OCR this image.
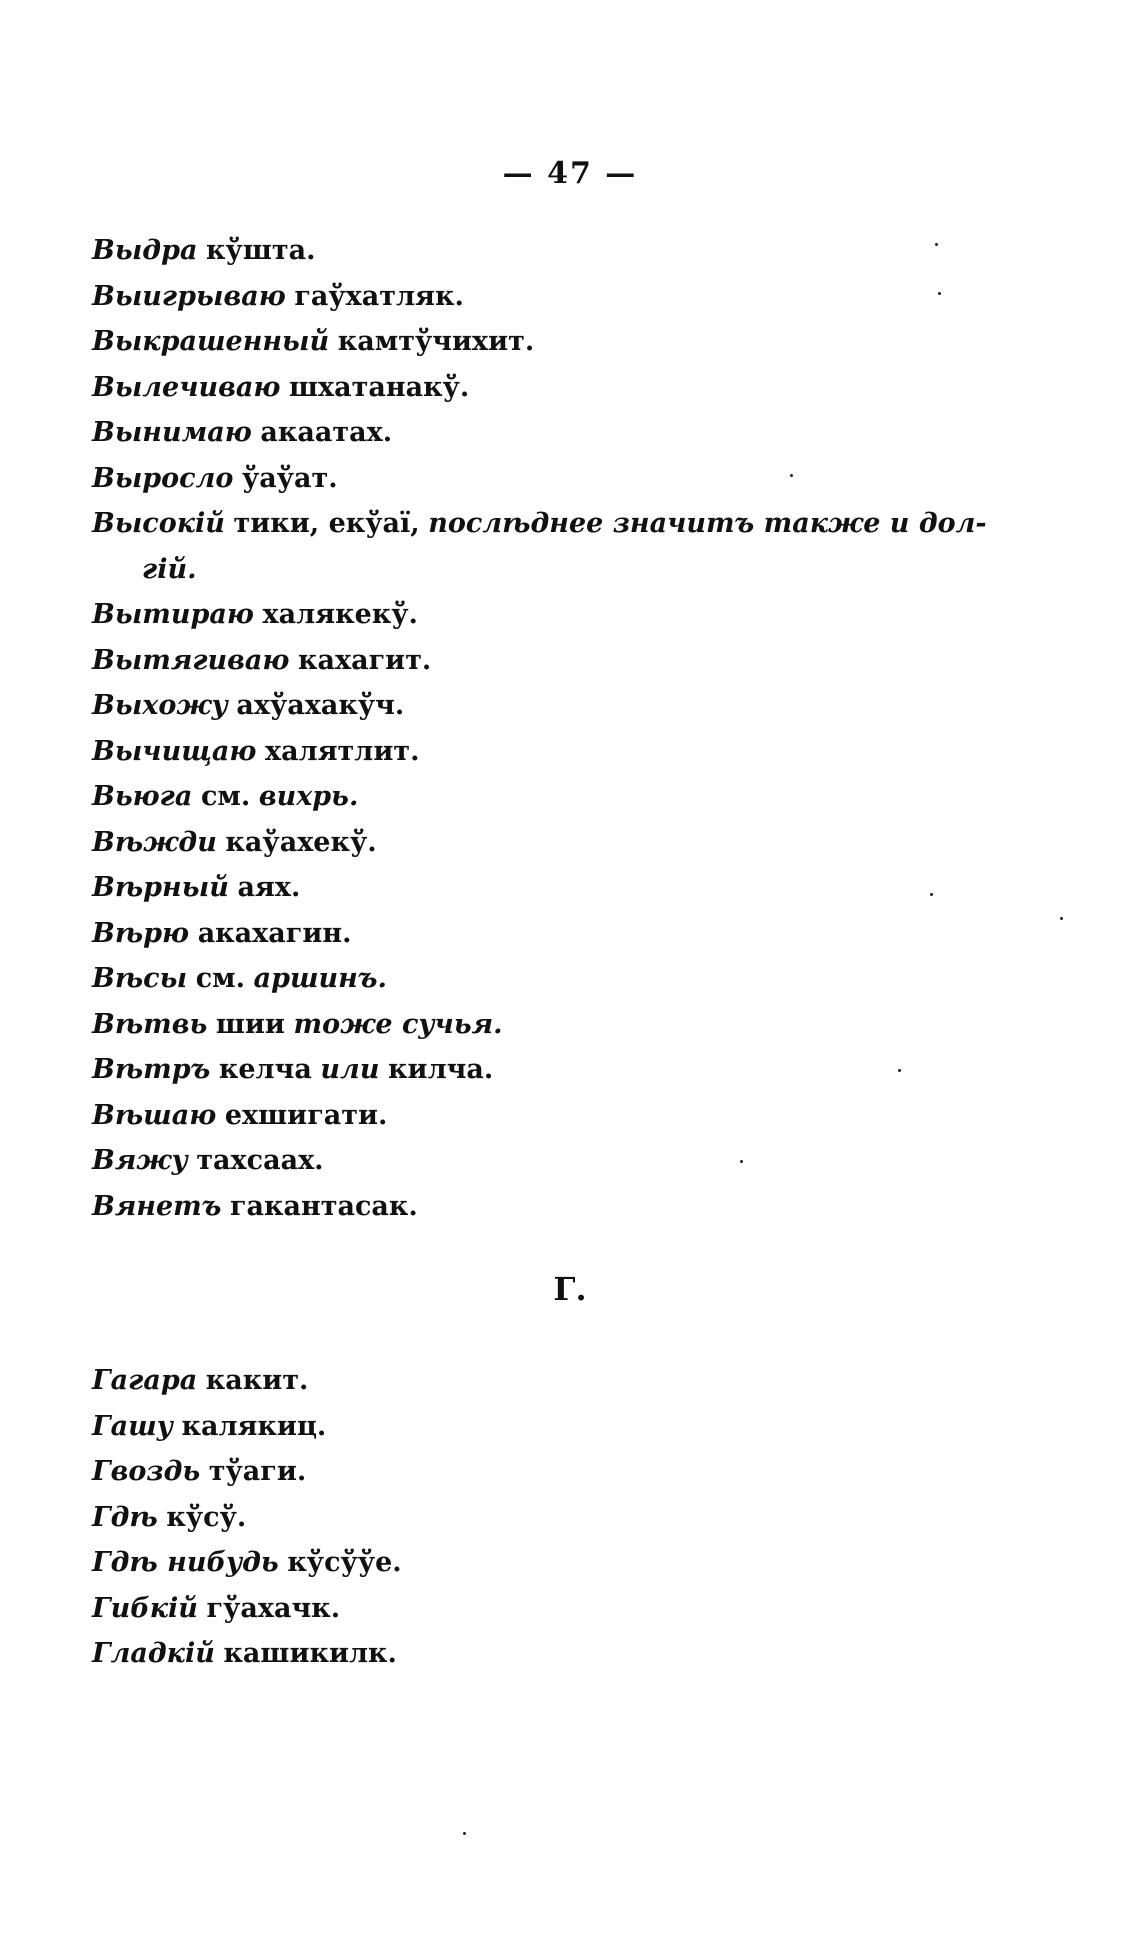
— 47 —
Выдра кўшта.
Выигрываю гаўхатляк.
Выкрашенный камтўчихит.
Вылечиваю шхатанакў.
Вынимаю акаатах.
Выросло ўаўат.
Высокій тики, екўаї, послѣднее значитъ также и дол-
гій.
Вытираю халякекў.
Вытягиваю кахагит.
Выхожу ахўахакўч.
Вычищаю халятлит.
Вьюга см. вихрь.
Вѣжди каўахекў.
Вѣрный аях.
Вѣрю акахагин.
Вѣсы см. аршинъ.
Вѣтвь шии тоже сучья.
Вѣтръ келча или килча.
Вѣшаю ехшигати.
Вяжу тахсаах.
Вянетъ гакантасак.
Г.
Гагара какит.
Гашу калякиц.
Гвоздь тўаги.
Гдѣ кўсў.
Гдѣ нибудь кўсўўе.
Гибкій гўахачк.
Гладкій кашикилк.
